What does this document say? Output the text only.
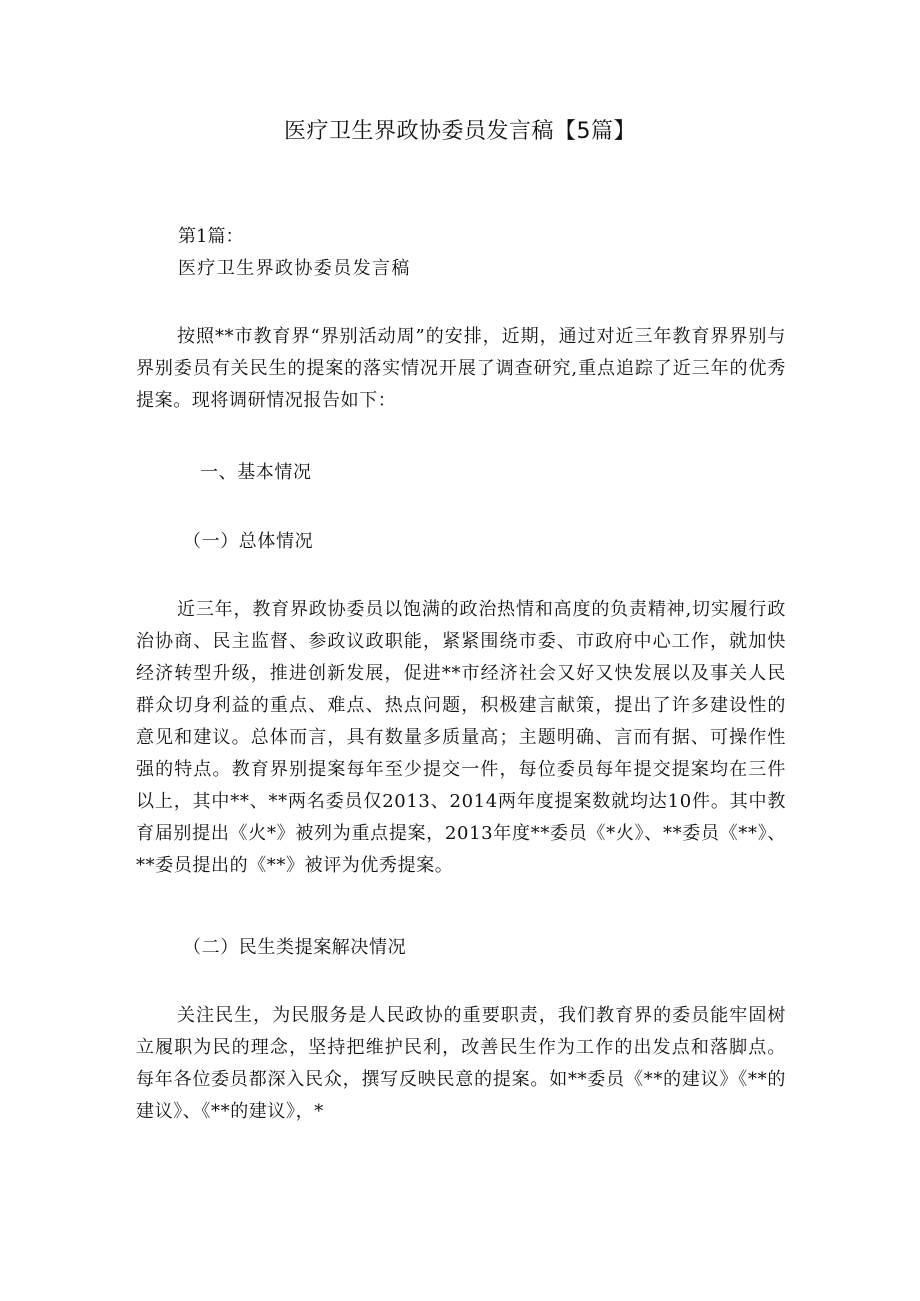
医疗卫生界政协委员发言稿【5篇】

第1篇：

医疗卫生界政协委员发言稿

按照**市教育界“界别活动周”的安排，近期，通过对近三年教育界界别与界别委员有关民生的提案的落实情况开展了调查研究,重点追踪了近三年的优秀提案。现将调研情况报告如下：

一、基本情况

（一）总体情况

近三年，教育界政协委员以饱满的政治热情和高度的负责精神,切实履行政治协商、民主监督、参政议政职能，紧紧围绕市委、市政府中心工作，就加快经济转型升级，推进创新发展，促进**市经济社会又好又快发展以及事关人民群众切身利益的重点、难点、热点问题，积极建言献策，提出了许多建设性的意见和建议。总体而言，具有数量多质量高；主题明确、言而有据、可操作性强的特点。教育界别提案每年至少提交一件，每位委员每年提交提案均在三件以上，其中**、**两名委员仅2013、2014两年度提案数就均达10件。其中教育届别提出《火*》被列为重点提案，2013年度**委员《*火》、**委员《**》、**委员提出的《**》被评为优秀提案。

（二）民生类提案解决情况

关注民生，为民服务是人民政协的重要职责，我们教育界的委员能牢固树立履职为民的理念，坚持把维护民利，改善民生作为工作的出发点和落脚点。每年各位委员都深入民众，撰写反映民意的提案。如**委员《**的建议》《**的建议》、《**的建议》，*
